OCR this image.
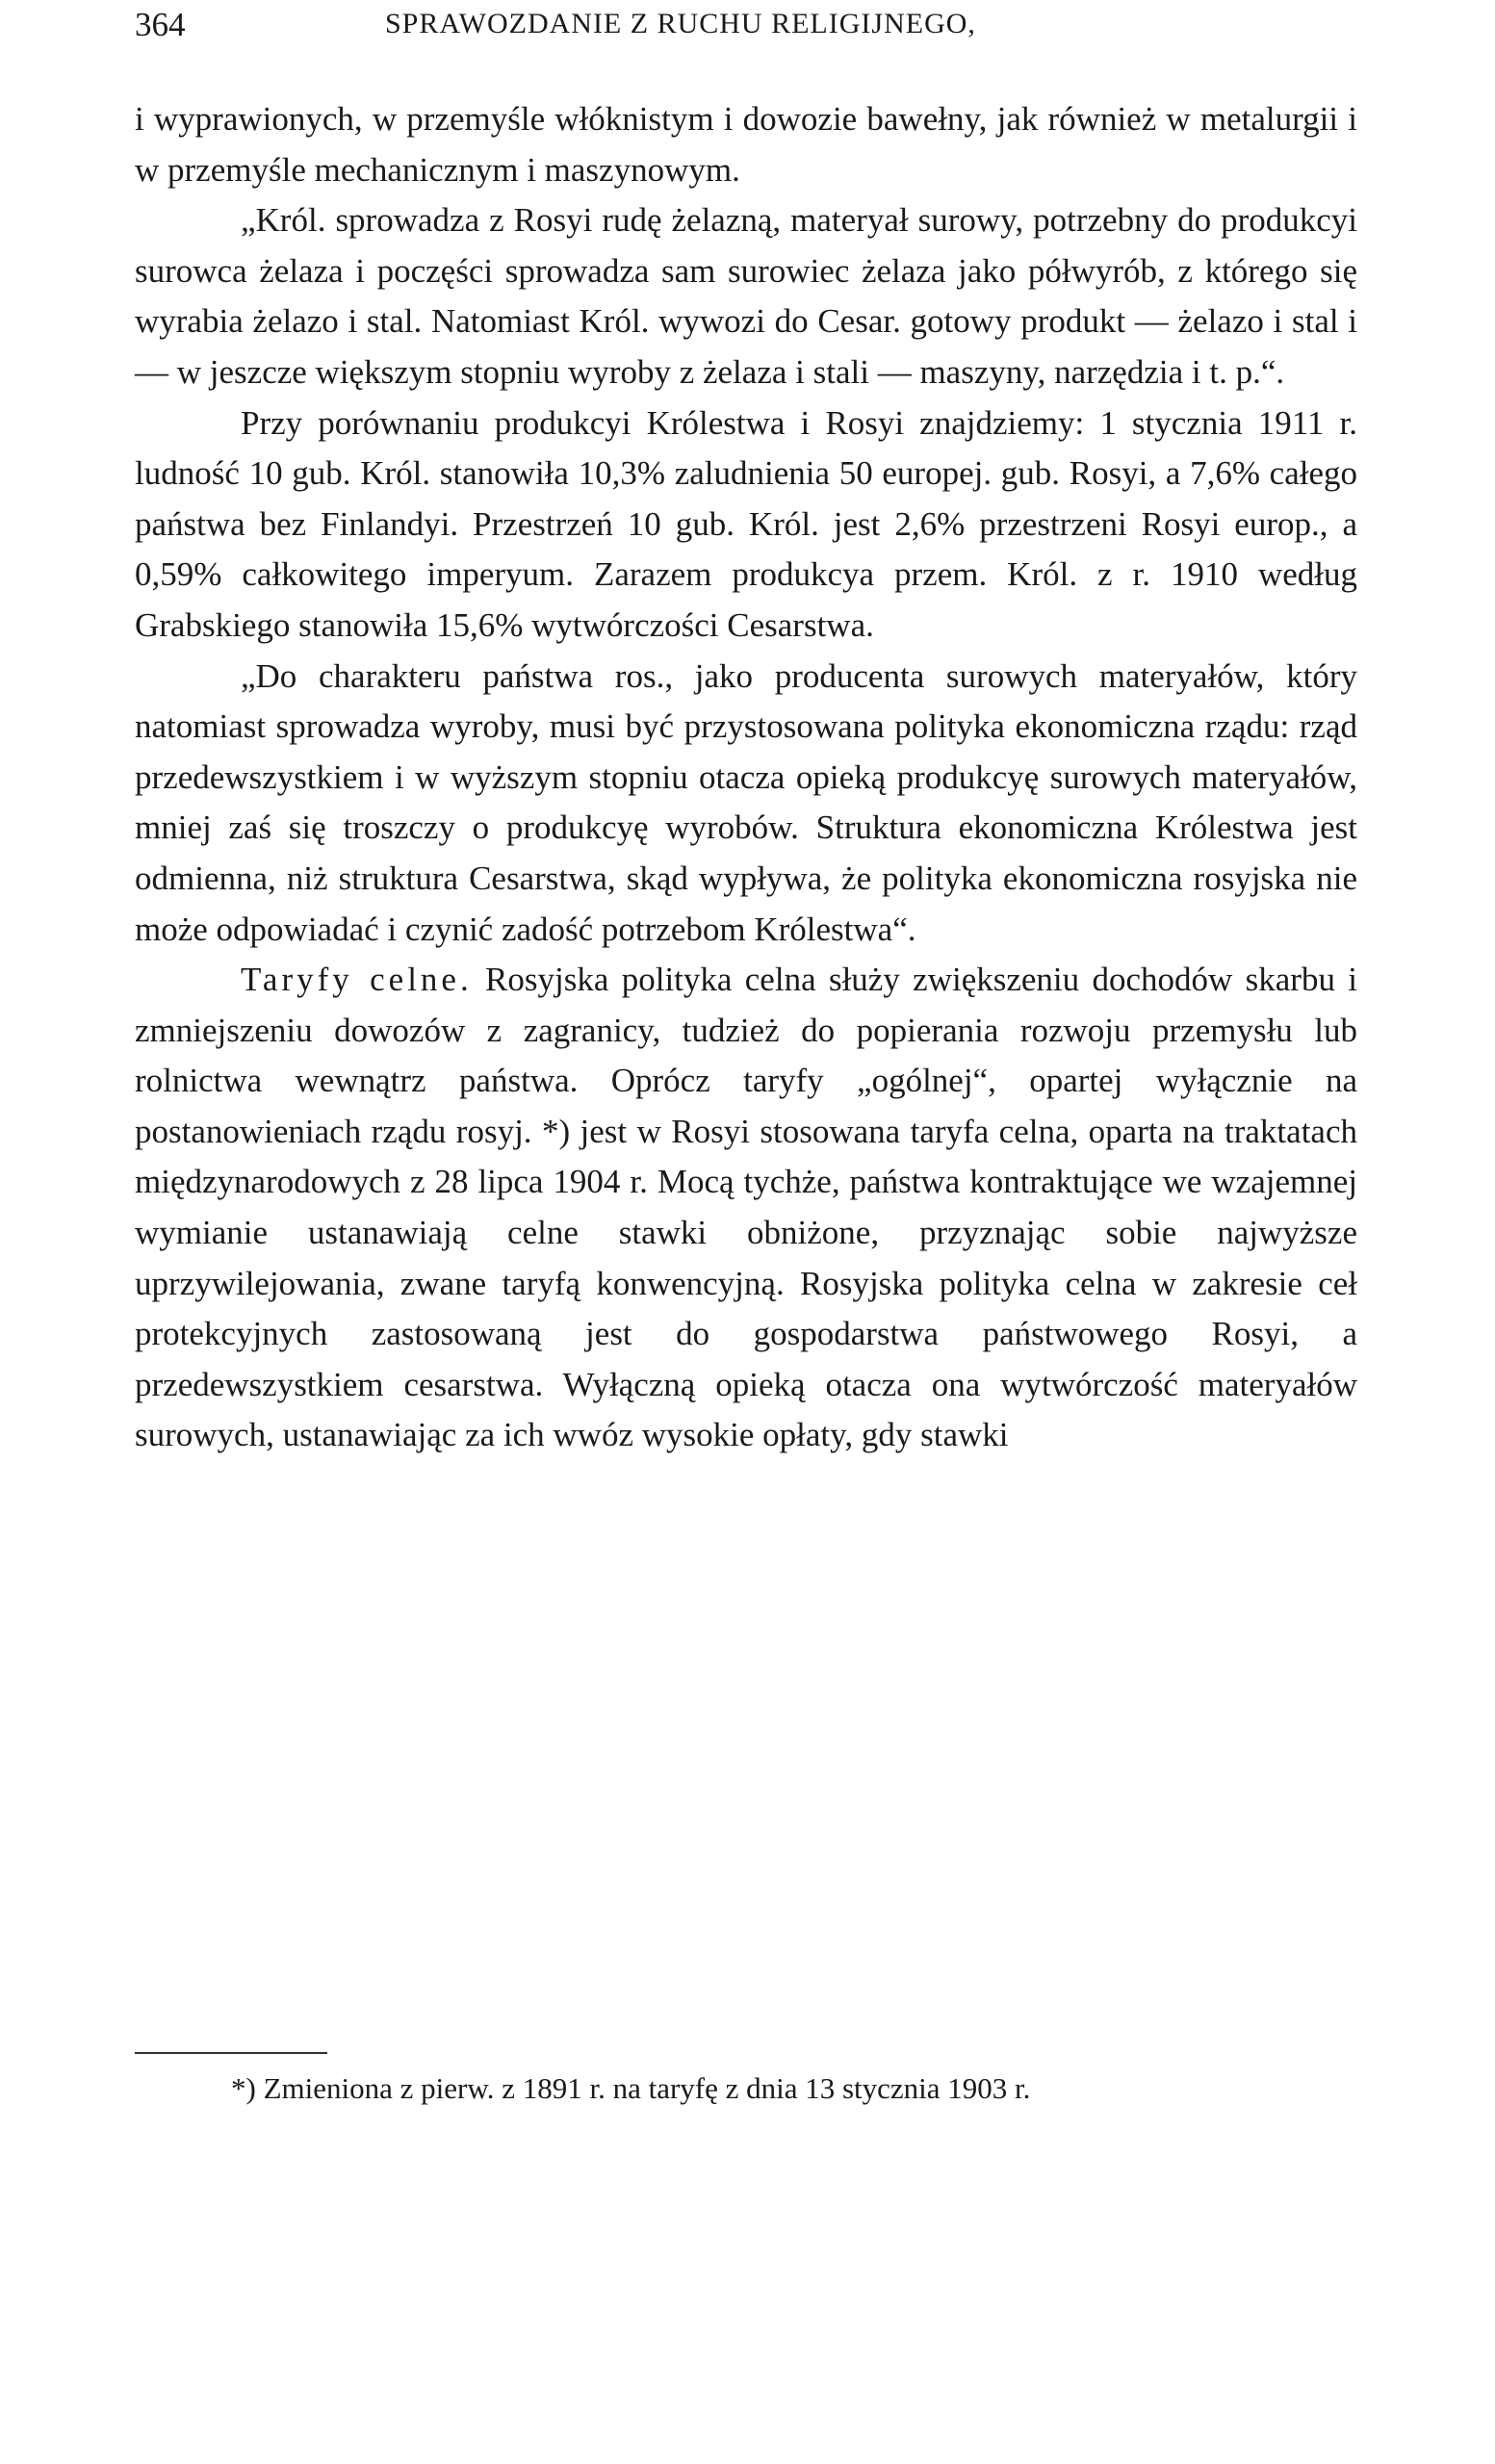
364	SPRAWOZDANIE Z RUCHU RELIGIJNEGO,

i wyprawionych, w przemyśle włóknistym i dowozie bawełny, jak również w metalurgii i w przemyśle mechanicznym i maszynowym.

„Król. sprowadza z Rosyi rudę żelazną, materyał surowy, potrzebny do produkcyi surowca żelaza i poczęści sprowadza sam surowiec żelaza jako półwyrób, z którego się wyrabia żelazo i stal. Natomiast Król. wywozi do Cesar. gotowy produkt — żelazo i stal i — w jeszcze większym stopniu wyroby z żelaza i stali — maszyny, narzędzia i t. p.“.

Przy porównaniu produkcyi Królestwa i Rosyi znajdziemy: 1 stycznia 1911 r. ludność 10 gub. Król. stanowiła 10,3% zaludnienia 50 europej. gub. Rosyi, a 7,6% całego państwa bez Finlandyi. Przestrzeń 10 gub. Król. jest 2,6% przestrzeni Rosyi europ., a 0,59% całkowitego imperyum. Zarazem produkcya przem. Król. z r. 1910 według Grabskiego stanowiła 15,6% wytwórczości Cesarstwa.

„Do charakteru państwa ros., jako producenta surowych materyałów, który natomiast sprowadza wyroby, musi być przystosowana polityka ekonomiczna rządu: rząd przedewszystkiem i w wyższym stopniu otacza opieką produkcyę surowych materyałów, mniej zaś się troszczy o produkcyę wyrobów. Struktura ekonomiczna Królestwa jest odmienna, niż struktura Cesarstwa, skąd wypływa, że polityka ekonomiczna rosyjska nie może odpowiadać i czynić zadość potrzebom Królestwa“.

Taryfy celne. Rosyjska polityka celna służy zwiększeniu dochodów skarbu i zmniejszeniu dowozów z zagranicy, tudzież do popierania rozwoju przemysłu lub rolnictwa wewnątrz państwa. Oprócz taryfy „ogólnej“, opartej wyłącznie na postanowieniach rządu rosyj. *) jest w Rosyi stosowana taryfa celna, oparta na traktatach międzynarodowych z 28 lipca 1904 r. Mocą tychże, państwa kontraktujące we wzajemnej wymianie ustanawiają celne stawki obniżone, przyznając sobie najwyższe uprzywilejowania, zwane taryfą konwencyjną. Rosyjska polityka celna w zakresie ceł protekcyjnych zastosowaną jest do gospodarstwa państwowego Rosyi, a przedewszystkiem cesarstwa. Wyłączną opieką otacza ona wytwórczość materyałów surowych, ustanawiając za ich wwóz wysokie opłaty, gdy stawki

*) Zmieniona z pierw. z 1891 r. na taryfę z dnia 13 stycznia 1903 r.
